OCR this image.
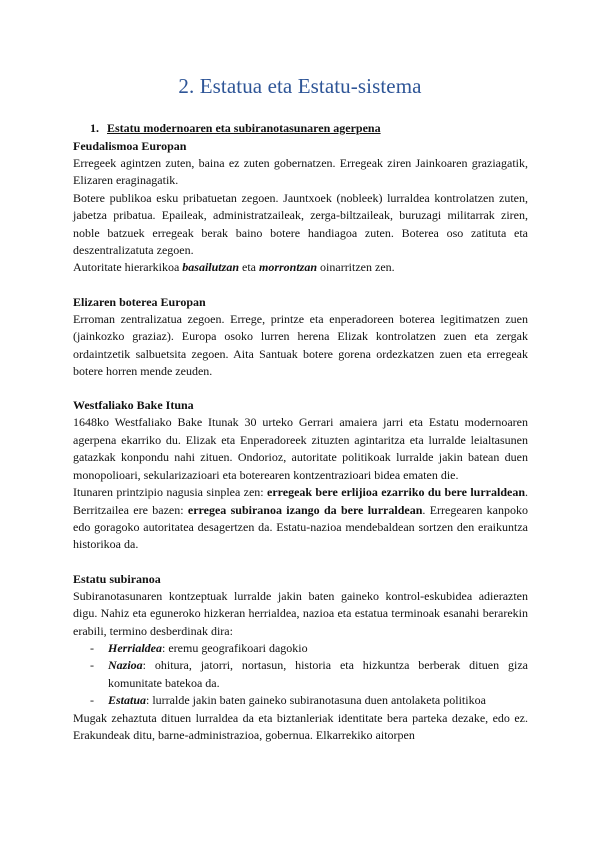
2. Estatua eta Estatu-sistema
1. Estatu modernoaren eta subiranotasunaren agerpena
Feudalismoa Europan

Erregeek agintzen zuten, baina ez zuten gobernatzen. Erregeak ziren Jainkoaren graziagatik, Elizaren eraginagatik.

Botere publikoa esku pribatuetan zegoen. Jauntxoek (nobleek) lurraldea kontrolatzen zuten, jabetza pribatua. Epaileak, administratzaileak, zerga-biltzaileak, buruzagi militarrak ziren, noble batzuek erregeak berak baino botere handiagoa zuten. Boterea oso zatituta eta deszentralizatuta zegoen.

Autoritate hierarkikoa basailutzan eta morrontzan oinarritzen zen.

Elizaren boterea Europan

Erroman zentralizatua zegoen. Errege, printze eta enperadoreen boterea legitimatzen zuen (jainkozko graziaz). Europa osoko lurren herena Elizak kontrolatzen zuen eta zergak ordaintzetik salbuetsita zegoen. Aita Santuak botere gorena ordezkatzen zuen eta erregeak botere horren mende zeuden.

Westfaliako Bake Ituna

1648ko Westfaliako Bake Itunak 30 urteko Gerrari amaiera jarri eta Estatu modernoaren agerpena ekarriko du. Elizak eta Enperadoreek zituzten agintaritza eta lurralde leialtasunen gatazkak konpondu nahi zituen. Ondorioz, autoritate politikoak lurralde jakin batean duen monopolioari, sekularizazioari eta boterearen kontzentrazioari bidea ematen die.

Itunaren printzipio nagusia sinplea zen: erregeak bere erlijioa ezarriko du bere lurraldean. Berritzailea ere bazen: erregea subiranoa izango da bere lurraldean. Erregearen kanpoko edo goragoko autoritatea desagertzen da. Estatu-nazioa mendebaldean sortzen den eraikuntza historikoa da.

Estatu subiranoa

Subiranotasunaren kontzeptuak lurralde jakin baten gaineko kontrol-eskubidea adierazten digu. Nahiz eta eguneroko hizkeran herrialdea, nazioa eta estatua terminoak esanahi berarekin erabili, termino desberdinak dira:

- Herrialdea: eremu geografikoari dagokio
- Nazioa: ohitura, jatorri, nortasun, historia eta hizkuntza berberak dituen giza komunitate batekoa da.
- Estatua: lurralde jakin baten gaineko subiranotasuna duen antolaketa politikoa

Mugak zehaztuta dituen lurraldea da eta biztanleriak identitate bera parteka dezake, edo ez. Erakundeak ditu, barne-administrazioa, gobernua. Elkarrekiko aitorpen
